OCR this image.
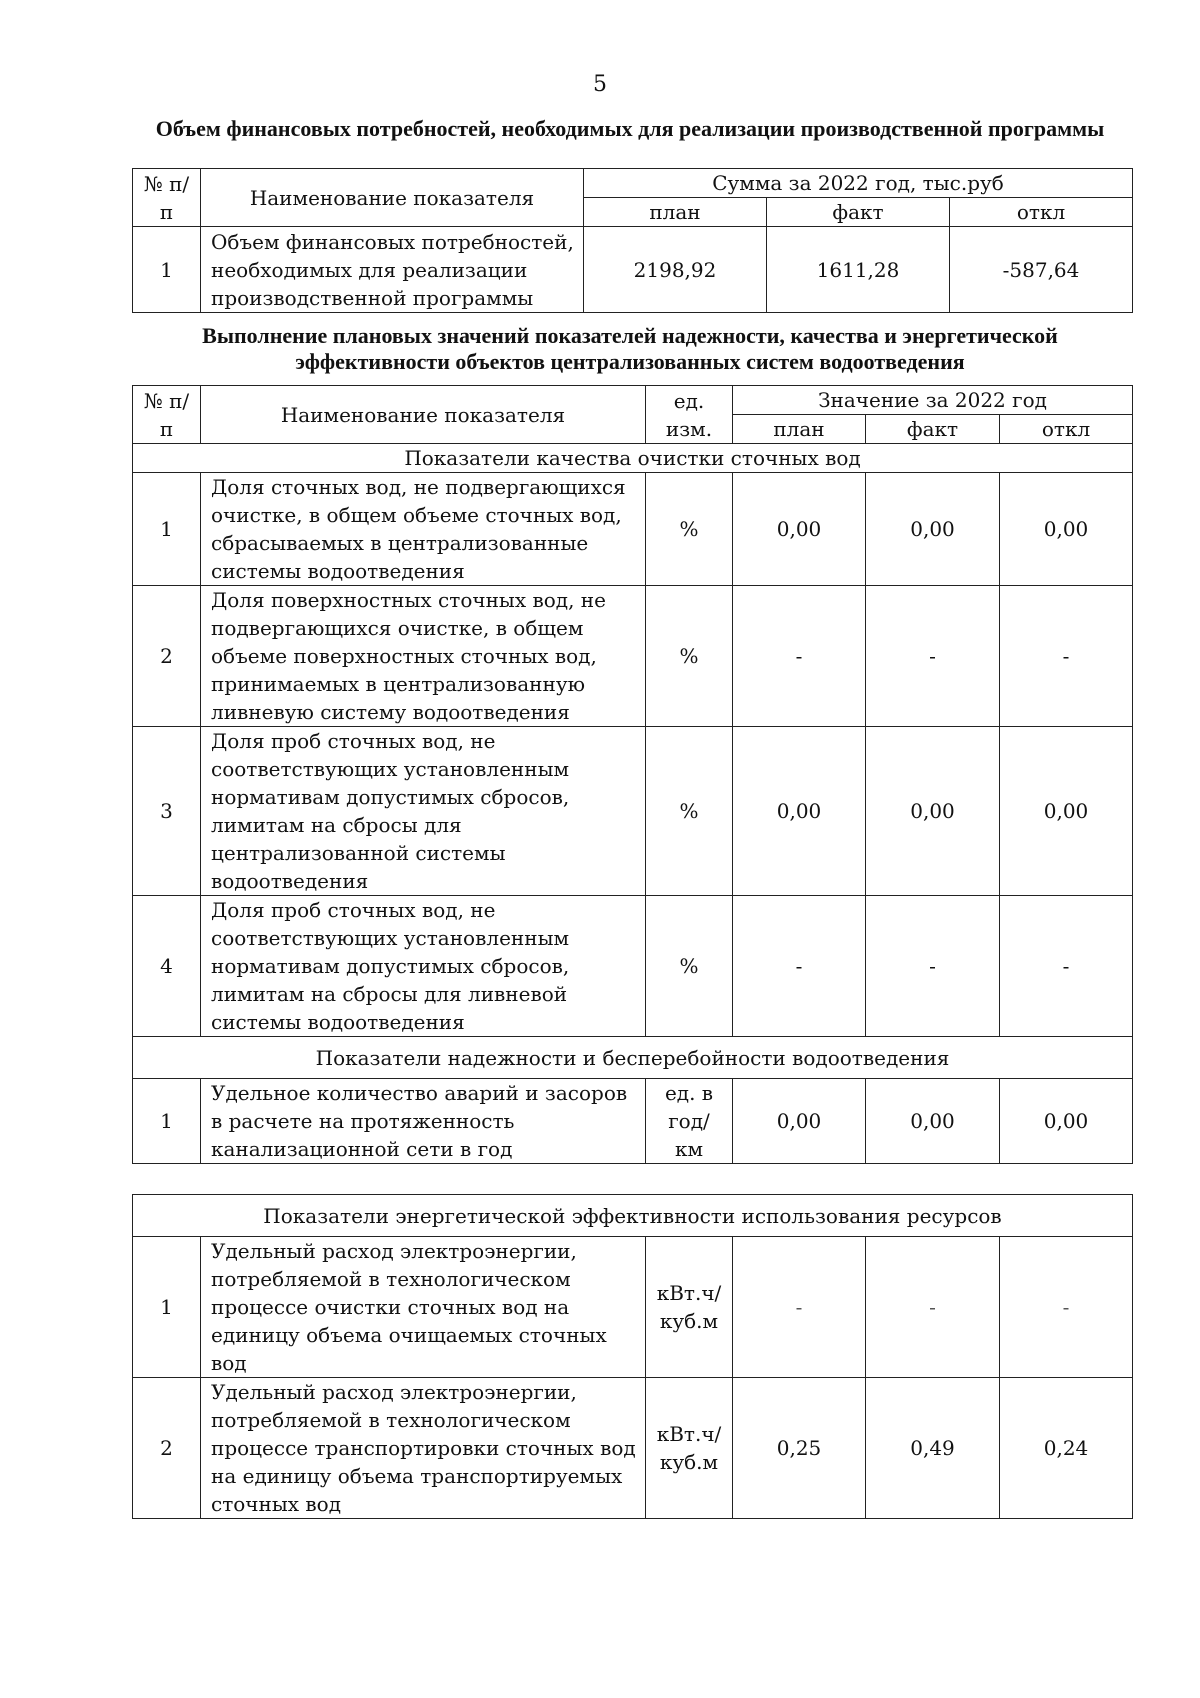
5
Объем финансовых потребностей, необходимых для реализации производственной программы
№ п/п	Наименование показателя	Сумма за 2022 год, тыс.руб		
		план	факт	откл
1	Объем финансовых потребностей, необходимых для реализации производственной программы	2198,92	1611,28	-587,64
Выполнение плановых значений показателей надежности, качества и энергетической эффективности объектов централизованных систем водоотведения
№ п/п	Наименование показателя	ед. изм.	Значение за 2022 год		
			план	факт	откл
Показатели качества очистки сточных вод					
1	Доля сточных вод, не подвергающихся очистке, в общем объеме сточных вод, сбрасываемых в централизованные системы водоотведения	%	0,00	0,00	0,00
2	Доля поверхностных сточных вод, не подвергающихся очистке, в общем объеме поверхностных сточных вод, принимаемых в централизованную ливневую систему водоотведения	%	-	-	-
3	Доля проб сточных вод, не соответствующих установленным нормативам допустимых сбросов, лимитам на сбросы для централизованной системы водоотведения	%	0,00	0,00	0,00
4	Доля проб сточных вод, не соответствующих установленным нормативам допустимых сбросов, лимитам на сбросы для ливневой системы водоотведения	%	-	-	-
Показатели надежности и бесперебойности водоотведения					
1	Удельное количество аварий и засоров в расчете на протяженность канализационной сети в год	ед. в год/ км	0,00	0,00	0,00
Показатели энергетической эффективности использования ресурсов					
1	Удельный расход электроэнергии, потребляемой в технологическом процессе очистки сточных вод на единицу объема очищаемых сточных вод	кВт.ч/ куб.м	-	-	-
2	Удельный расход электроэнергии, потребляемой в технологическом процессе транспортировки сточных вод на единицу объема транспортируемых сточных вод	кВт.ч/ куб.м	0,25	0,49	0,24
